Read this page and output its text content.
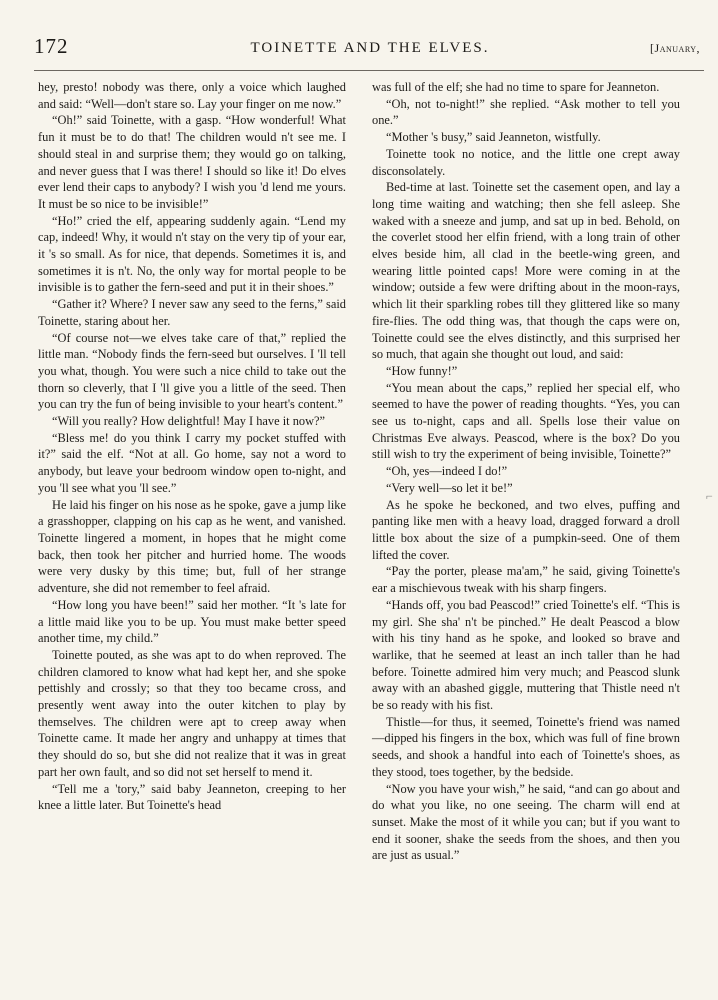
172	TOINETTE AND THE ELVES.	[January,

hey, presto! nobody was there, only a voice which laughed and said: “Well—don't stare so. Lay your finger on me now.”

“Oh!” said Toinette, with a gasp. “How wonderful! What fun it must be to do that! The children would n't see me. I should steal in and surprise them; they would go on talking, and never guess that I was there! I should so like it! Do elves ever lend their caps to anybody? I wish you 'd lend me yours. It must be so nice to be invisible!”

“Ho!” cried the elf, appearing suddenly again. “Lend my cap, indeed! Why, it would n't stay on the very tip of your ear, it 's so small. As for nice, that depends. Sometimes it is, and sometimes it is n't. No, the only way for mortal people to be invisible is to gather the fern-seed and put it in their shoes.”

“Gather it? Where? I never saw any seed to the ferns,” said Toinette, staring about her.

“Of course not—we elves take care of that,” replied the little man. “Nobody finds the fern-seed but ourselves. I 'll tell you what, though. You were such a nice child to take out the thorn so cleverly, that I 'll give you a little of the seed. Then you can try the fun of being invisible to your heart's content.”

“Will you really? How delightful! May I have it now?”

“Bless me! do you think I carry my pocket stuffed with it?” said the elf. “Not at all. Go home, say not a word to anybody, but leave your bedroom window open to-night, and you 'll see what you 'll see.”

He laid his finger on his nose as he spoke, gave a jump like a grasshopper, clapping on his cap as he went, and vanished. Toinette lingered a moment, in hopes that he might come back, then took her pitcher and hurried home. The woods were very dusky by this time; but, full of her strange adventure, she did not remember to feel afraid.

“How long you have been!” said her mother. “It 's late for a little maid like you to be up. You must make better speed another time, my child.”

Toinette pouted, as she was apt to do when reproved. The children clamored to know what had kept her, and she spoke pettishly and crossly; so that they too became cross, and presently went away into the outer kitchen to play by themselves. The children were apt to creep away when Toinette came. It made her angry and unhappy at times that they should do so, but she did not realize that it was in great part her own fault, and so did not set herself to mend it.

“Tell me a 'tory,” said baby Jeanneton, creeping to her knee a little later. But Toinette's head

was full of the elf; she had no time to spare for Jeanneton.

“Oh, not to-night!” she replied. “Ask mother to tell you one.”

“Mother 's busy,” said Jeanneton, wistfully.

Toinette took no notice, and the little one crept away disconsolately.

Bed-time at last. Toinette set the casement open, and lay a long time waiting and watching; then she fell asleep. She waked with a sneeze and jump, and sat up in bed. Behold, on the coverlet stood her elfin friend, with a long train of other elves beside him, all clad in the beetle-wing green, and wearing little pointed caps! More were coming in at the window; outside a few were drifting about in the moon-rays, which lit their sparkling robes till they glittered like so many fire-flies. The odd thing was, that though the caps were on, Toinette could see the elves distinctly, and this surprised her so much, that again she thought out loud, and said:

“How funny!”

“You mean about the caps,” replied her special elf, who seemed to have the power of reading thoughts. “Yes, you can see us to-night, caps and all. Spells lose their value on Christmas Eve always. Peascod, where is the box? Do you still wish to try the experiment of being invisible, Toinette?”

“Oh, yes—indeed I do!”

“Very well—so let it be!”

As he spoke he beckoned, and two elves, puffing and panting like men with a heavy load, dragged forward a droll little box about the size of a pumpkin-seed. One of them lifted the cover.

“Pay the porter, please ma'am,” he said, giving Toinette's ear a mischievous tweak with his sharp fingers.

“Hands off, you bad Peascod!” cried Toinette's elf. “This is my girl. She sha' n't be pinched.” He dealt Peascod a blow with his tiny hand as he spoke, and looked so brave and warlike, that he seemed at least an inch taller than he had before. Toinette admired him very much; and Peascod slunk away with an abashed giggle, muttering that Thistle need n't be so ready with his fist.

Thistle—for thus, it seemed, Toinette's friend was named—dipped his fingers in the box, which was full of fine brown seeds, and shook a handful into each of Toinette's shoes, as they stood, toes together, by the bedside.

“Now you have your wish,” he said, “and can go about and do what you like, no one seeing. The charm will end at sunset. Make the most of it while you can; but if you want to end it sooner, shake the seeds from the shoes, and then you are just as usual.”

⌐
